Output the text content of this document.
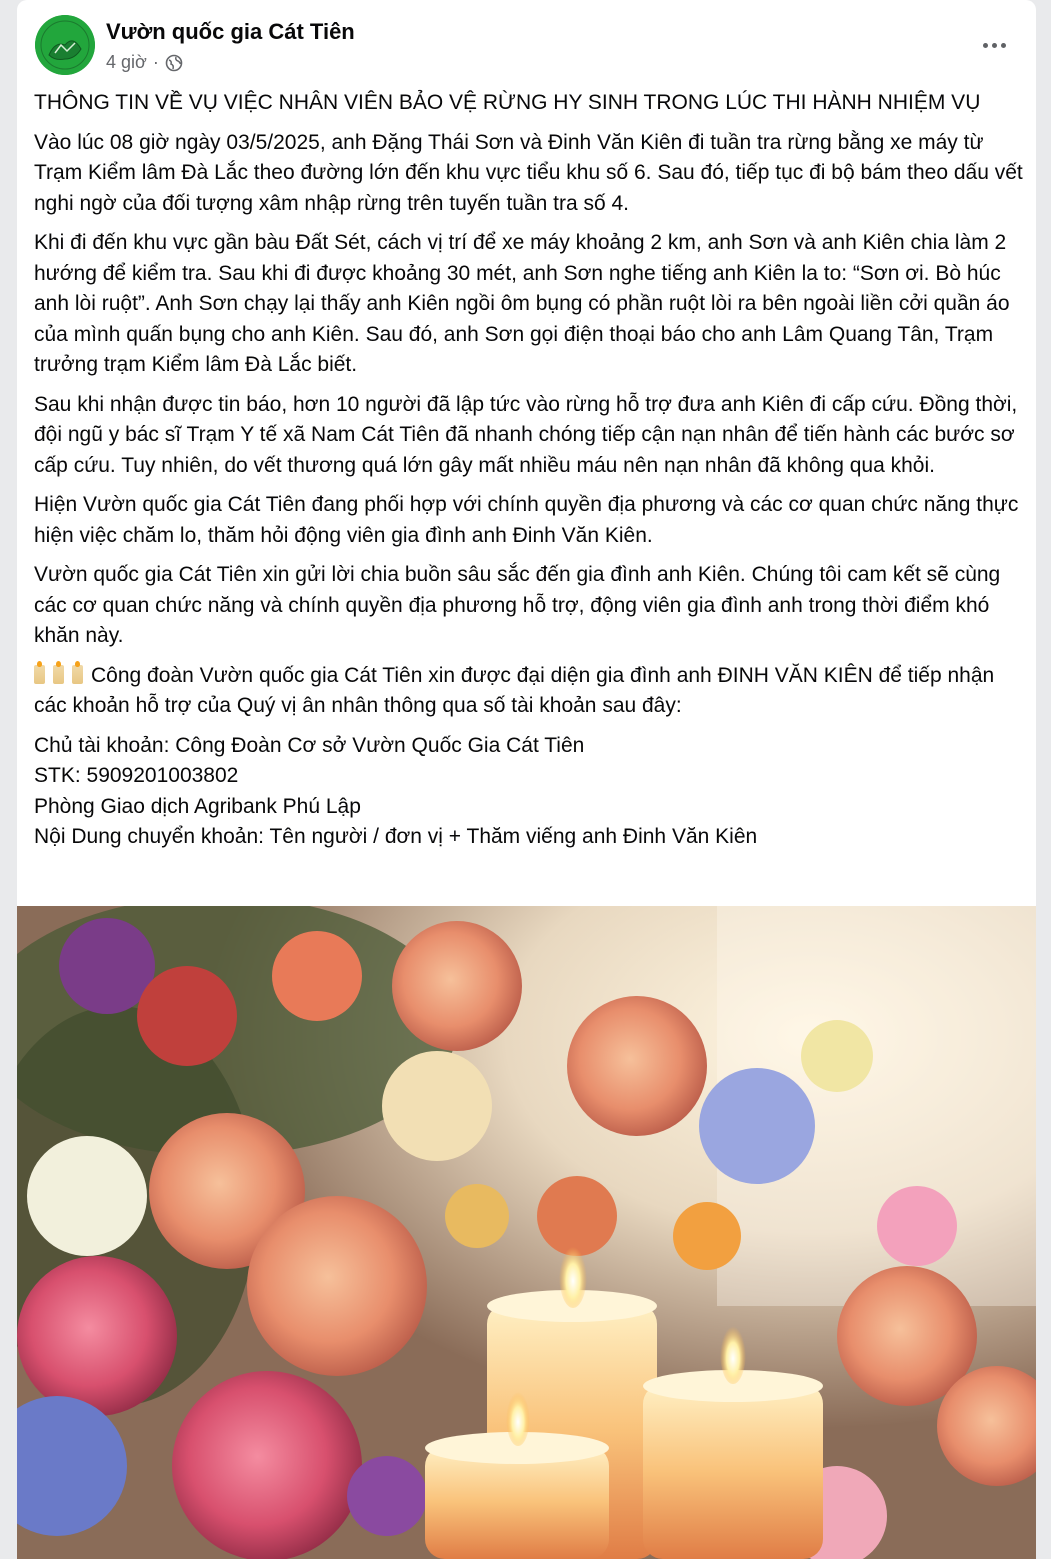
Vườn quốc gia Cát Tiên
4 giờ ·

THÔNG TIN VỀ VỤ VIỆC NHÂN VIÊN BẢO VỆ RỪNG HY SINH TRONG LÚC THI HÀNH NHIỆM VỤ

Vào lúc 08 giờ ngày 03/5/2025, anh Đặng Thái Sơn và Đinh Văn Kiên đi tuần tra rừng bằng xe máy từ Trạm Kiểm lâm Đà Lắc theo đường lớn đến khu vực tiểu khu số 6. Sau đó, tiếp tục đi bộ bám theo dấu vết nghi ngờ của đối tượng xâm nhập rừng trên tuyến tuần tra số 4.

Khi đi đến khu vực gần bàu Đất Sét, cách vị trí để xe máy khoảng 2 km, anh Sơn và anh Kiên chia làm 2 hướng để kiểm tra. Sau khi đi được khoảng 30 mét, anh Sơn nghe tiếng anh Kiên la to: “Sơn ơi. Bò húc anh lòi ruột”. Anh Sơn chạy lại thấy anh Kiên ngồi ôm bụng có phần ruột lòi ra bên ngoài liền cởi quần áo của mình quấn bụng cho anh Kiên. Sau đó, anh Sơn gọi điện thoại báo cho anh Lâm Quang Tân, Trạm trưởng trạm Kiểm lâm Đà Lắc biết.

Sau khi nhận được tin báo, hơn 10 người đã lập tức vào rừng hỗ trợ đưa anh Kiên đi cấp cứu. Đồng thời, đội ngũ y bác sĩ Trạm Y tế xã Nam Cát Tiên đã nhanh chóng tiếp cận nạn nhân để tiến hành các bước sơ cấp cứu. Tuy nhiên, do vết thương quá lớn gây mất nhiều máu nên nạn nhân đã không qua khỏi.

Hiện Vườn quốc gia Cát Tiên đang phối hợp với chính quyền địa phương và các cơ quan chức năng thực hiện việc chăm lo, thăm hỏi động viên gia đình anh Đinh Văn Kiên.

Vườn quốc gia Cát Tiên xin gửi lời chia buồn sâu sắc đến gia đình anh Kiên. Chúng tôi cam kết sẽ cùng các cơ quan chức năng và chính quyền địa phương hỗ trợ, động viên gia đình anh trong thời điểm khó khăn này.

Công đoàn Vườn quốc gia Cát Tiên xin được đại diện gia đình anh ĐINH VĂN KIÊN để tiếp nhận các khoản hỗ trợ của Quý vị ân nhân thông qua số tài khoản sau đây:

Chủ tài khoản: Công Đoàn Cơ sở Vườn Quốc Gia Cát Tiên
STK: 5909201003802
Phòng Giao dịch Agribank Phú Lập
Nội Dung chuyển khoản: Tên người / đơn vị + Thăm viếng anh Đinh Văn Kiên
